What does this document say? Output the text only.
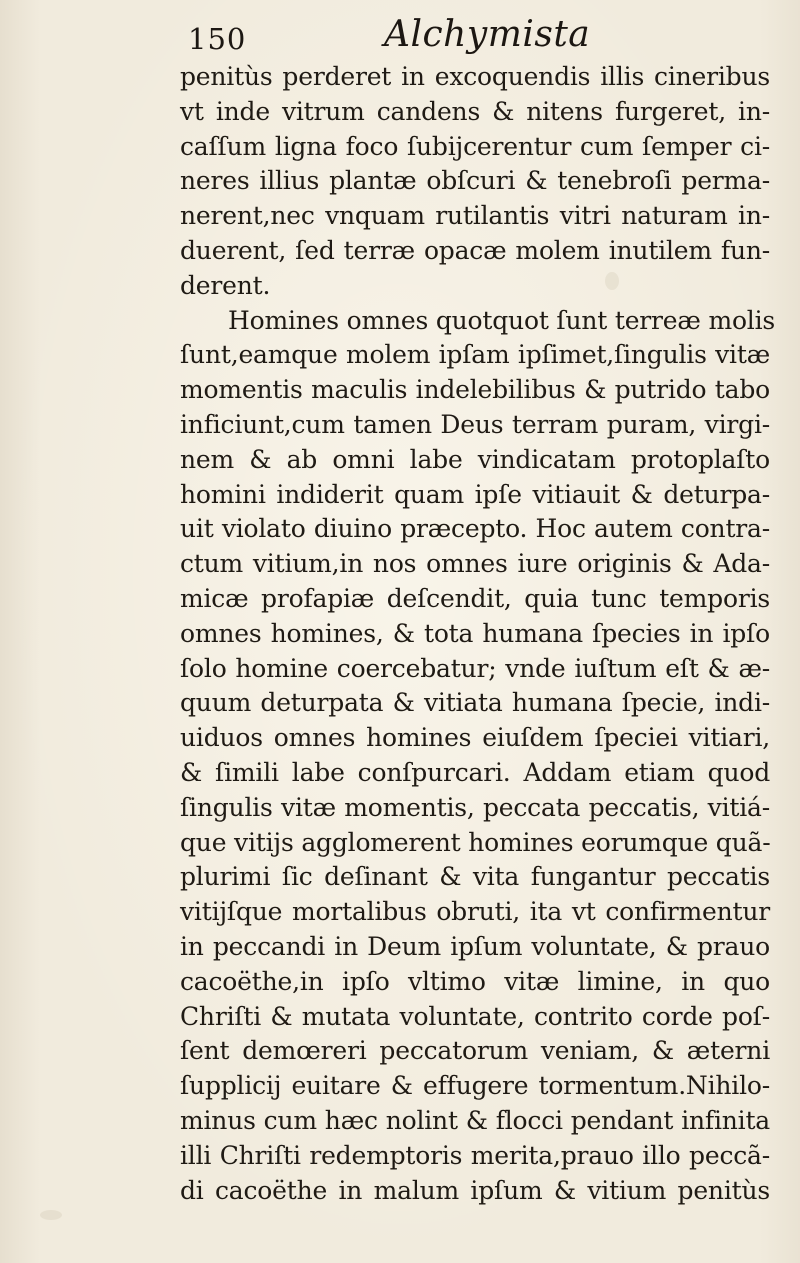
150	Alchymista
penitùs perderet in excoquendis illis cineribus
vt inde vitrum candens & nitens furgeret, in-
caſſum ligna foco ſubijcerentur cum ſemper ci-
neres illius plantæ obſcuri & tenebroſi perma-
nerent,nec vnquam rutilantis vitri naturam in-
duerent, ſed terræ opacæ molem inutilem fun-
derent.
Homines omnes quotquot ſunt terreæ molis
ſunt,eamque molem ipſam ipſimet,ſingulis vitæ
momentis maculis indelebilibus & putrido tabo
inficiunt,cum tamen Deus terram puram, virgi-
nem & ab omni labe vindicatam protoplaſto
homini indiderit quam ipſe vitiauit & deturpa-
uit violato diuino præcepto. Hoc autem contra-
ctum vitium,in nos omnes iure originis & Ada-
micæ profapiæ deſcendit, quia tunc temporis
omnes homines, & tota humana ſpecies in ipſo
ſolo homine coercebatur; vnde iuſtum eſt & æ-
quum deturpata & vitiata humana ſpecie, indi-
uiduos omnes homines eiuſdem ſpeciei vitiari,
& ſimili labe conſpurcari. Addam etiam quod
ſingulis vitæ momentis, peccata peccatis, vitiá-
que vitijs agglomerent homines eorumque quã-
plurimi ſic deſinant & vita fungantur peccatis
vitijſque mortalibus obruti, ita vt confirmentur
in peccandi in Deum ipſum voluntate, & prauo
cacoëthe,in ipſo vltimo vitæ limine, in quo
Chriſti & mutata voluntate, contrito corde poſ-
ſent demœreri peccatorum veniam, & æterni
ſupplicij euitare & effugere tormentum.Nihilo-
minus cum hæc nolint & flocci pendant infinita
illi Chriſti redemptoris merita,prauo illo peccã-
di cacoëthe in malum ipſum & vitium penitùs
